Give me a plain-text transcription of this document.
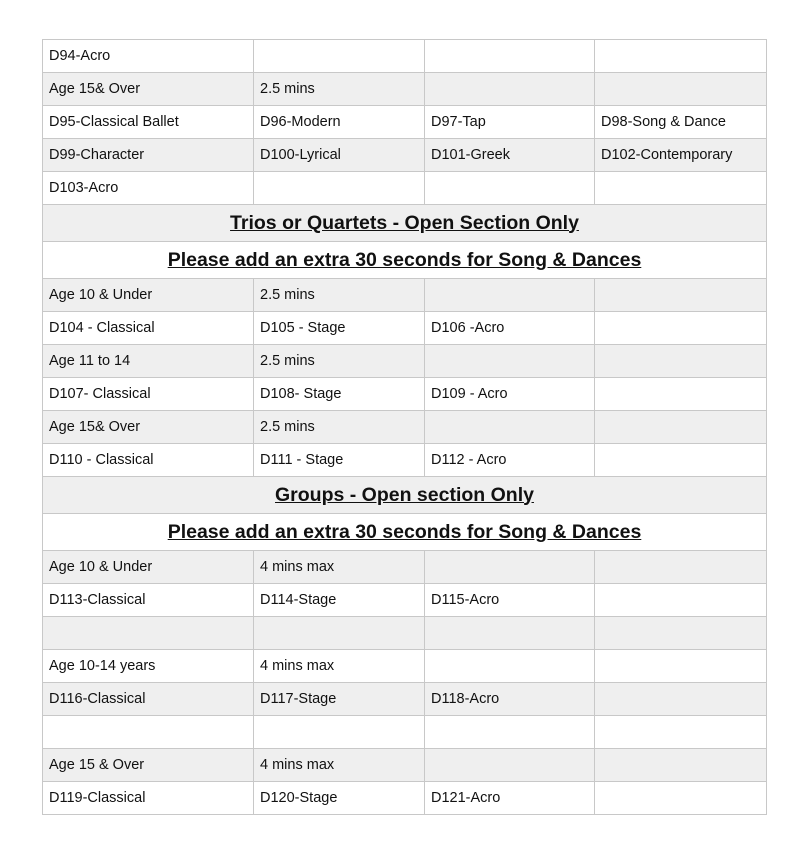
D94-Acro			
Age 15& Over	2.5 mins		
D95-Classical Ballet	D96-Modern	D97-Tap	D98-Song & Dance
D99-Character	D100-Lyrical	D101-Greek	D102-Contemporary
D103-Acro			
Trios or Quartets - Open Section Only			
Please add an extra 30 seconds for Song & Dances			
Age 10 & Under	2.5 mins		
D104 - Classical	D105 - Stage	D106 -Acro	
Age 11 to 14	2.5 mins		
D107- Classical	D108- Stage	D109 - Acro	
Age 15& Over	2.5 mins		
D110 - Classical	D111 - Stage	D112 - Acro	
Groups - Open section Only			
Please add an extra 30 seconds for Song & Dances			
Age 10 & Under	4 mins max		
D113-Classical	D114-Stage	D115-Acro	

Age 10-14 years	4 mins max		
D116-Classical	D117-Stage	D118-Acro	

Age 15 & Over	4 mins max		
D119-Classical	D120-Stage	D121-Acro	
